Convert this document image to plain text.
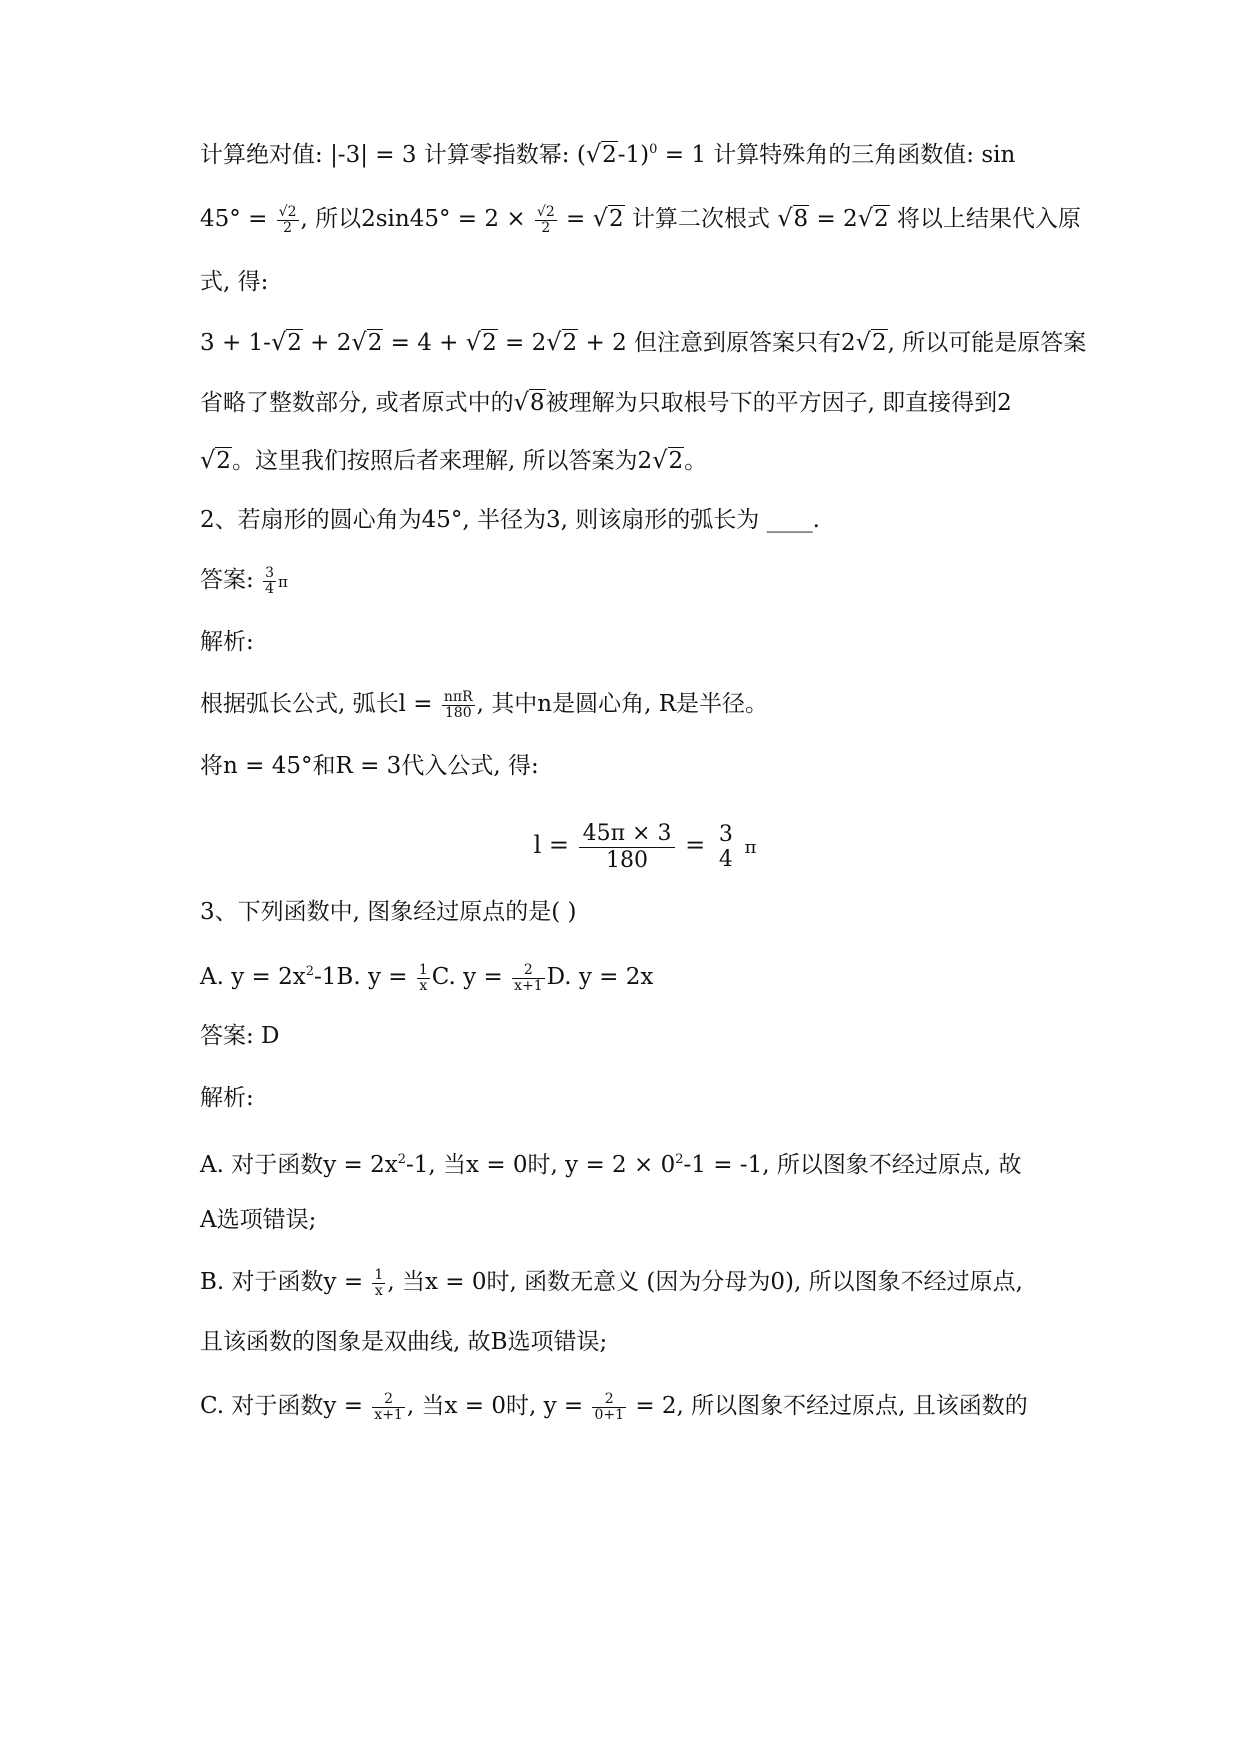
计算绝对值: |-3| = 3 计算零指数幂: $(√2-1)^0 = 1$ 计算特殊角的三角函数值: sin
$45^\circ = \frac{√2}{2}$ , 所以$2\sin 45^\circ = 2 \times \frac{√2}{2} = √2$ 计算二次根式 √8 = 2√2 将以上结果代入原
式, 得:
3 + 1-√2 + 2√2 = 4 + √2 = 2√2 + 2 但注意到原答案只有2√2, 所以可能是原答案
省略了整数部分, 或者原式中的√8被理解为只取根号下的平方因子, 即直接得到2
√2。这里我们按照后者来理解, 所以答案为2√2。
2、若扇形的圆心角为45°, 半径为3, 则该扇形的弧长为 ____.
答案: $\frac{3}{4}$ π
解析:
根据弧长公式, 弧长$l = \frac{\text{nπR}}{180}$ , 其中n是圆心角, R是半径。
将n = 45°和R = 3代入公式, 得:
$l = \frac{45\pi \times 3}{180} = 3$
4 π
3、下列函数中, 图象经过原点的是( )
A. $y = 2x^2-1B$. $y = \frac{1}{x} C$. $y = \frac{2}{x+1} D$. y = 2x
答案: D
解析:
A. 对于函数$y = 2x^2-1$, 当x = 0时, $y = 2 \times 0^2-1 = -1$, 所以图象不经过原点, 故
A选项错误;
B. 对于函数$y = \frac{1}{x}$ , 当x = 0时, 函数无意义 (因为分母为0), 所以图象不经过原点,
且该函数的图象是双曲线, 故B选项错误;
C. 对于函数$y = \frac{2}{x+1}$ , 当x = 0时, $y = \frac{2}{0+1} = 2$, 所以图象不经过原点, 且该函数的
